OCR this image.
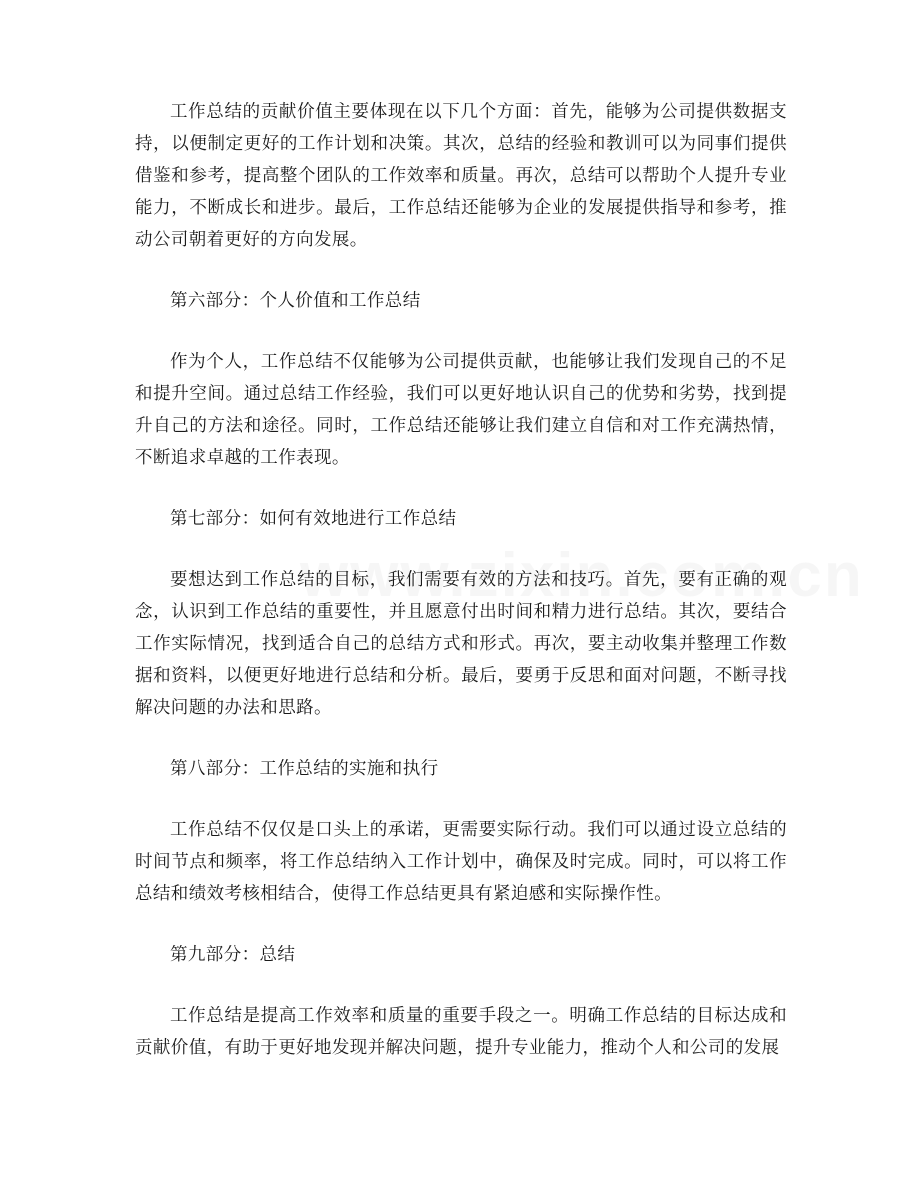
工作总结的贡献价值主要体现在以下几个方面：首先，能够为公司提供数据支持，以便制定更好的工作计划和决策。其次，总结的经验和教训可以为同事们提供借鉴和参考，提高整个团队的工作效率和质量。再次，总结可以帮助个人提升专业能力，不断成长和进步。最后，工作总结还能够为企业的发展提供指导和参考，推动公司朝着更好的方向发展。

第六部分：个人价值和工作总结

作为个人，工作总结不仅能够为公司提供贡献，也能够让我们发现自己的不足和提升空间。通过总结工作经验，我们可以更好地认识自己的优势和劣势，找到提升自己的方法和途径。同时，工作总结还能够让我们建立自信和对工作充满热情，不断追求卓越的工作表现。

第七部分：如何有效地进行工作总结

要想达到工作总结的目标，我们需要有效的方法和技巧。首先，要有正确的观念，认识到工作总结的重要性，并且愿意付出时间和精力进行总结。其次，要结合工作实际情况，找到适合自己的总结方式和形式。再次，要主动收集并整理工作数据和资料，以便更好地进行总结和分析。最后，要勇于反思和面对问题，不断寻找解决问题的办法和思路。

第八部分：工作总结的实施和执行

工作总结不仅仅是口头上的承诺，更需要实际行动。我们可以通过设立总结的时间节点和频率，将工作总结纳入工作计划中，确保及时完成。同时，可以将工作总结和绩效考核相结合，使得工作总结更具有紧迫感和实际操作性。

第九部分：总结

工作总结是提高工作效率和质量的重要手段之一。明确工作总结的目标达成和贡献价值，有助于更好地发现并解决问题，提升专业能力，推动个人和公司的发展
